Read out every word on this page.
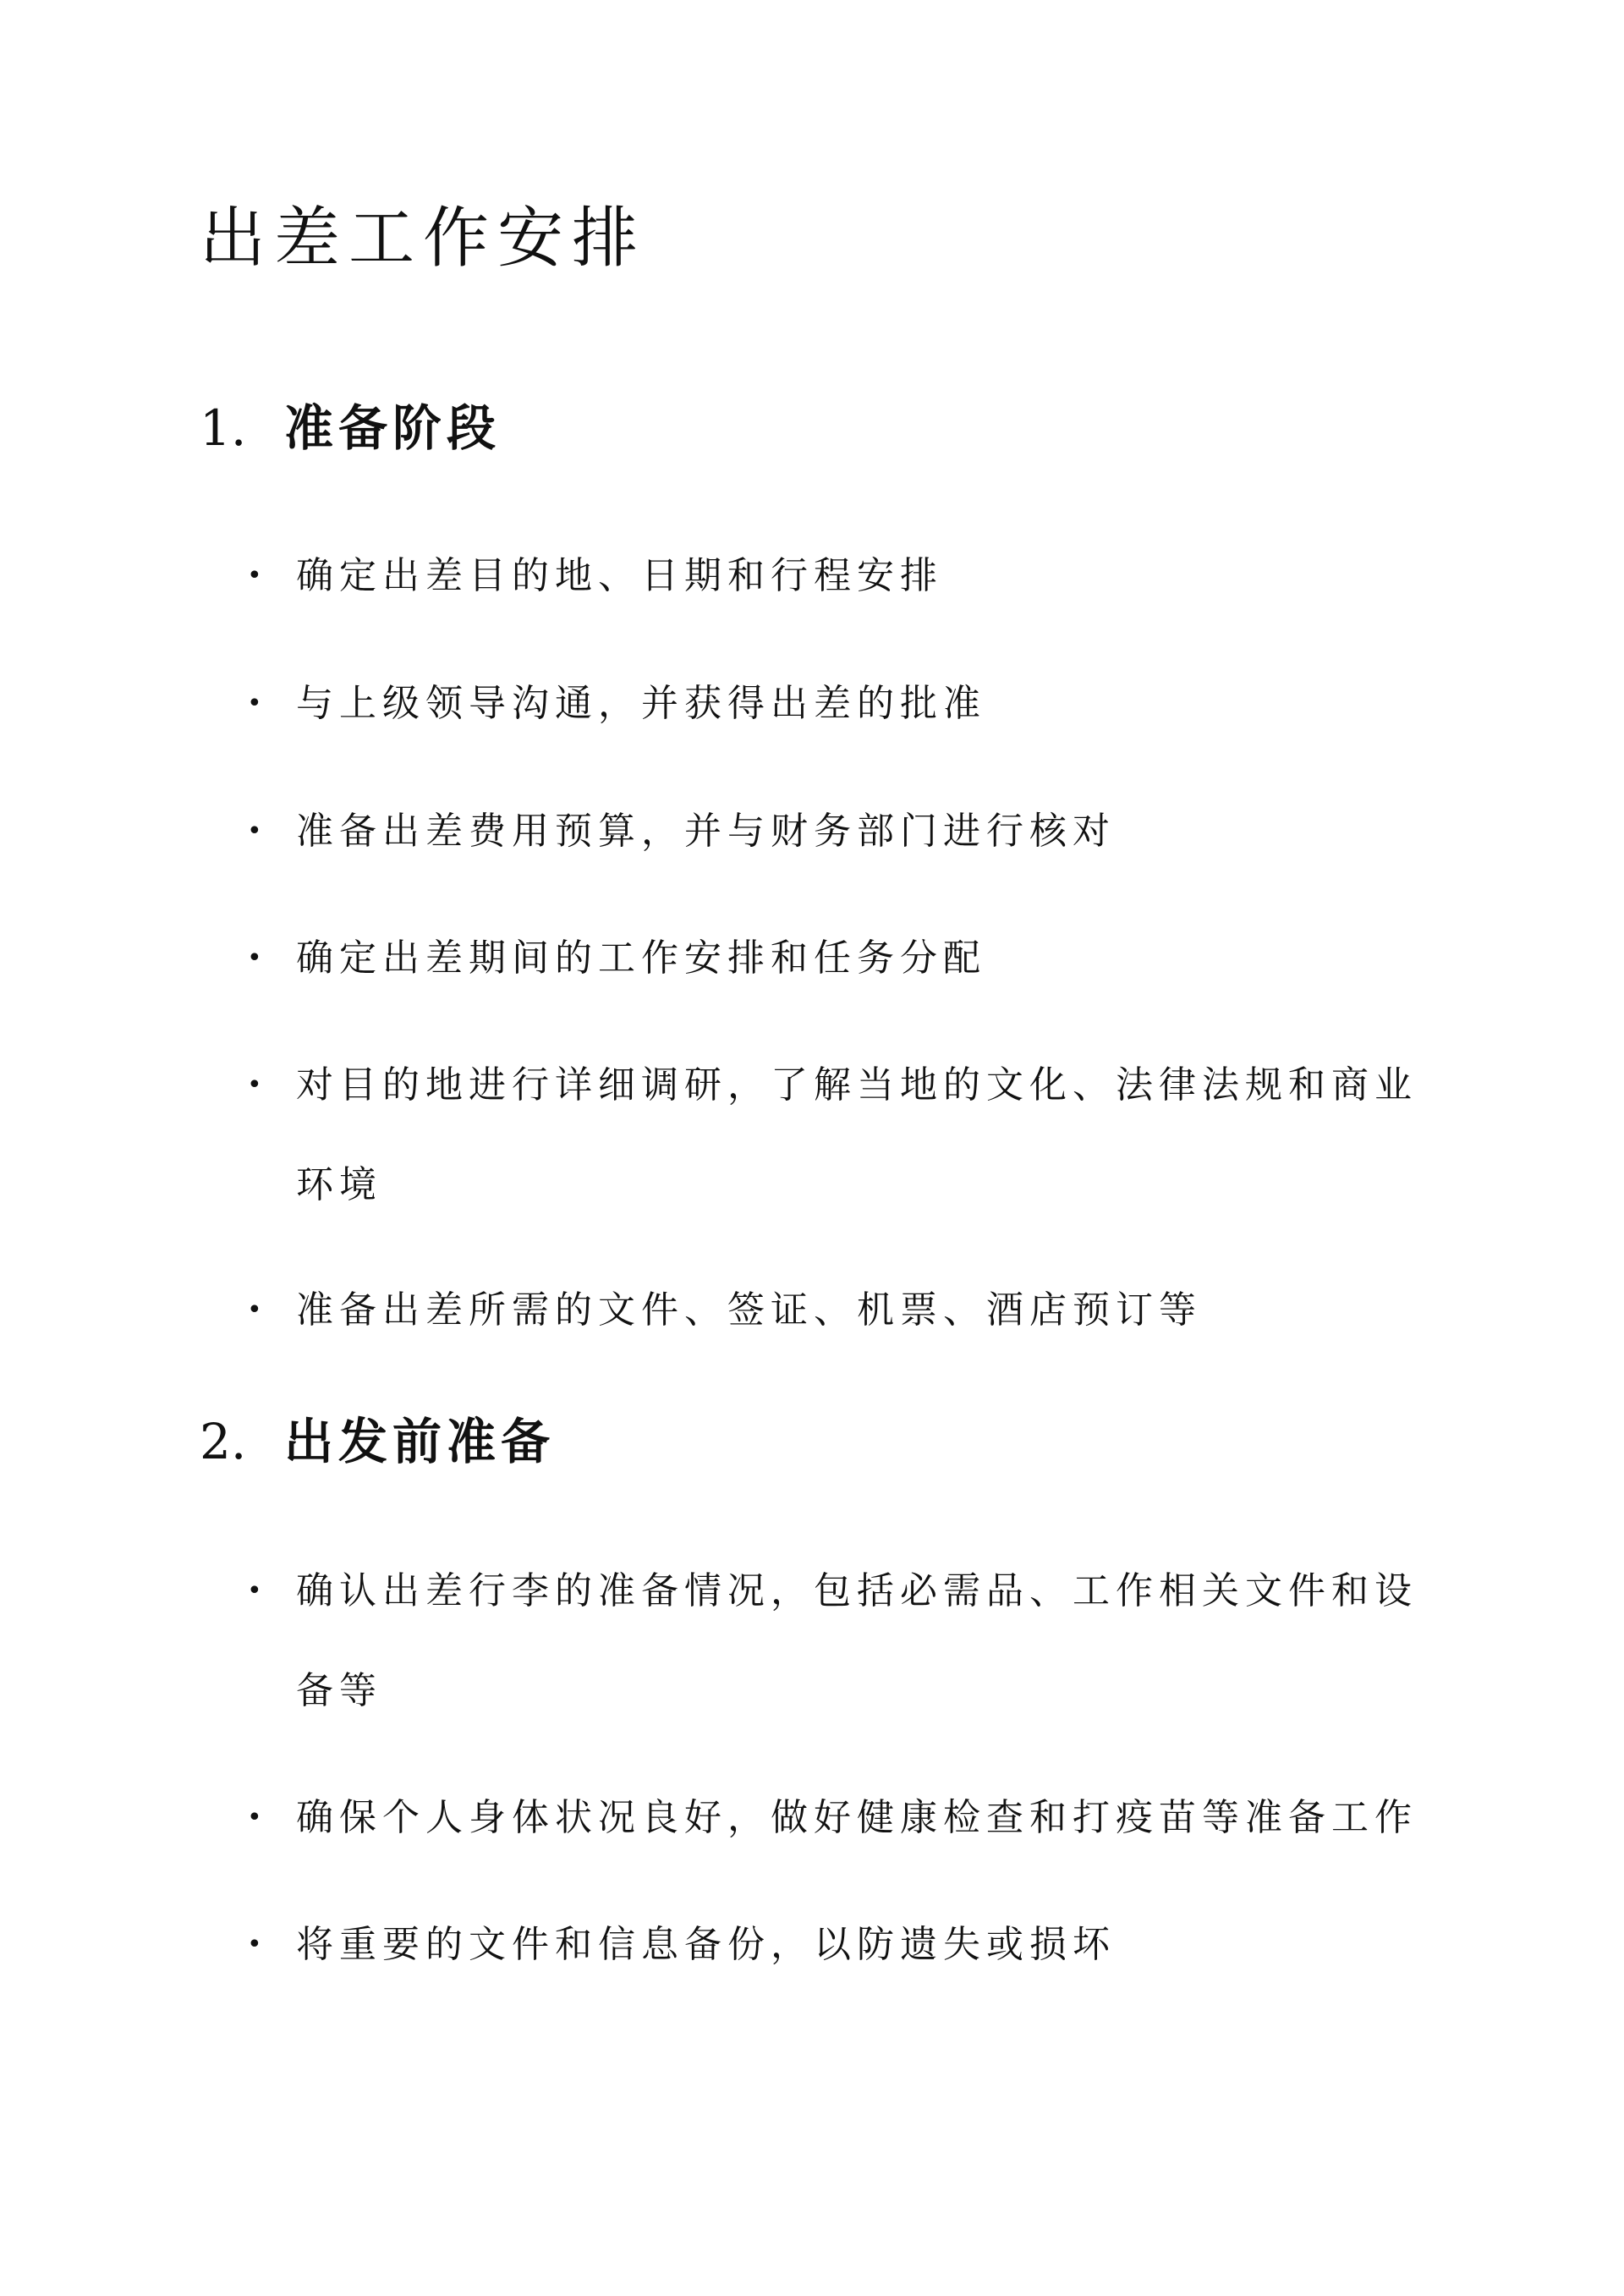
出差工作安排
1. 准备阶段
• 确定出差目的地、日期和行程安排
• 与上级领导沟通，并获得出差的批准
• 准备出差费用预算，并与财务部门进行核对
• 确定出差期间的工作安排和任务分配
• 对目的地进行详细调研，了解当地的文化、法律法规和商业环境
• 准备出差所需的文件、签证、机票、酒店预订等
2. 出发前准备
• 确认出差行李的准备情况，包括必需品、工作相关文件和设备等
• 确保个人身体状况良好，做好健康检查和打疫苗等准备工作
• 将重要的文件和信息备份，以防遗失或损坏
